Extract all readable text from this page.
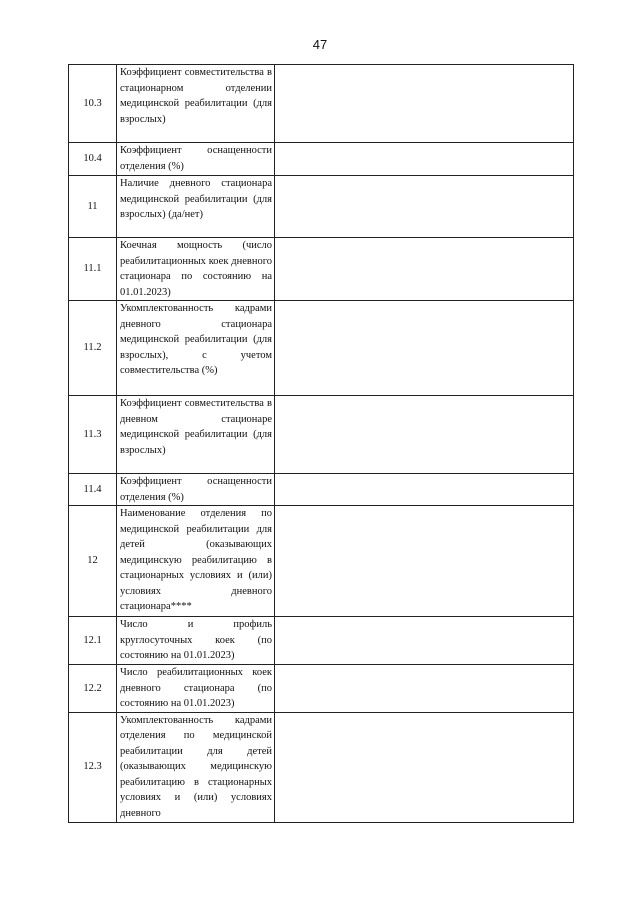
47
10.3	Коэффициент совместительства в стационарном отделении медицинской реабилитации (для взрослых)	
10.4	Коэффициент оснащенности отделения (%)	
11	Наличие дневного стационара медицинской реабилитации (для взрослых) (да/нет)	
11.1	Коечная мощность (число реабилитационных коек дневного стационара по состоянию на 01.01.2023)	
11.2	Укомплектованность кадрами дневного стационара медицинской реабилитации (для взрослых), с учетом совместительства (%)	
11.3	Коэффициент совместительства в дневном стационаре медицинской реабилитации (для взрослых)	
11.4	Коэффициент оснащенности отделения (%)	
12	Наименование отделения по медицинской реабилитации для детей (оказывающих медицинскую реабилитацию в стационарных условиях и (или) условиях дневного стационара****	
12.1	Число и профиль круглосуточных коек (по состоянию на 01.01.2023)	
12.2	Число реабилитационных коек дневного стационара (по состоянию на 01.01.2023)	
12.3	Укомплектованность кадрами отделения по медицинской реабилитации для детей (оказывающих медицинскую реабилитацию в стационарных условиях и (или) условиях дневного	
